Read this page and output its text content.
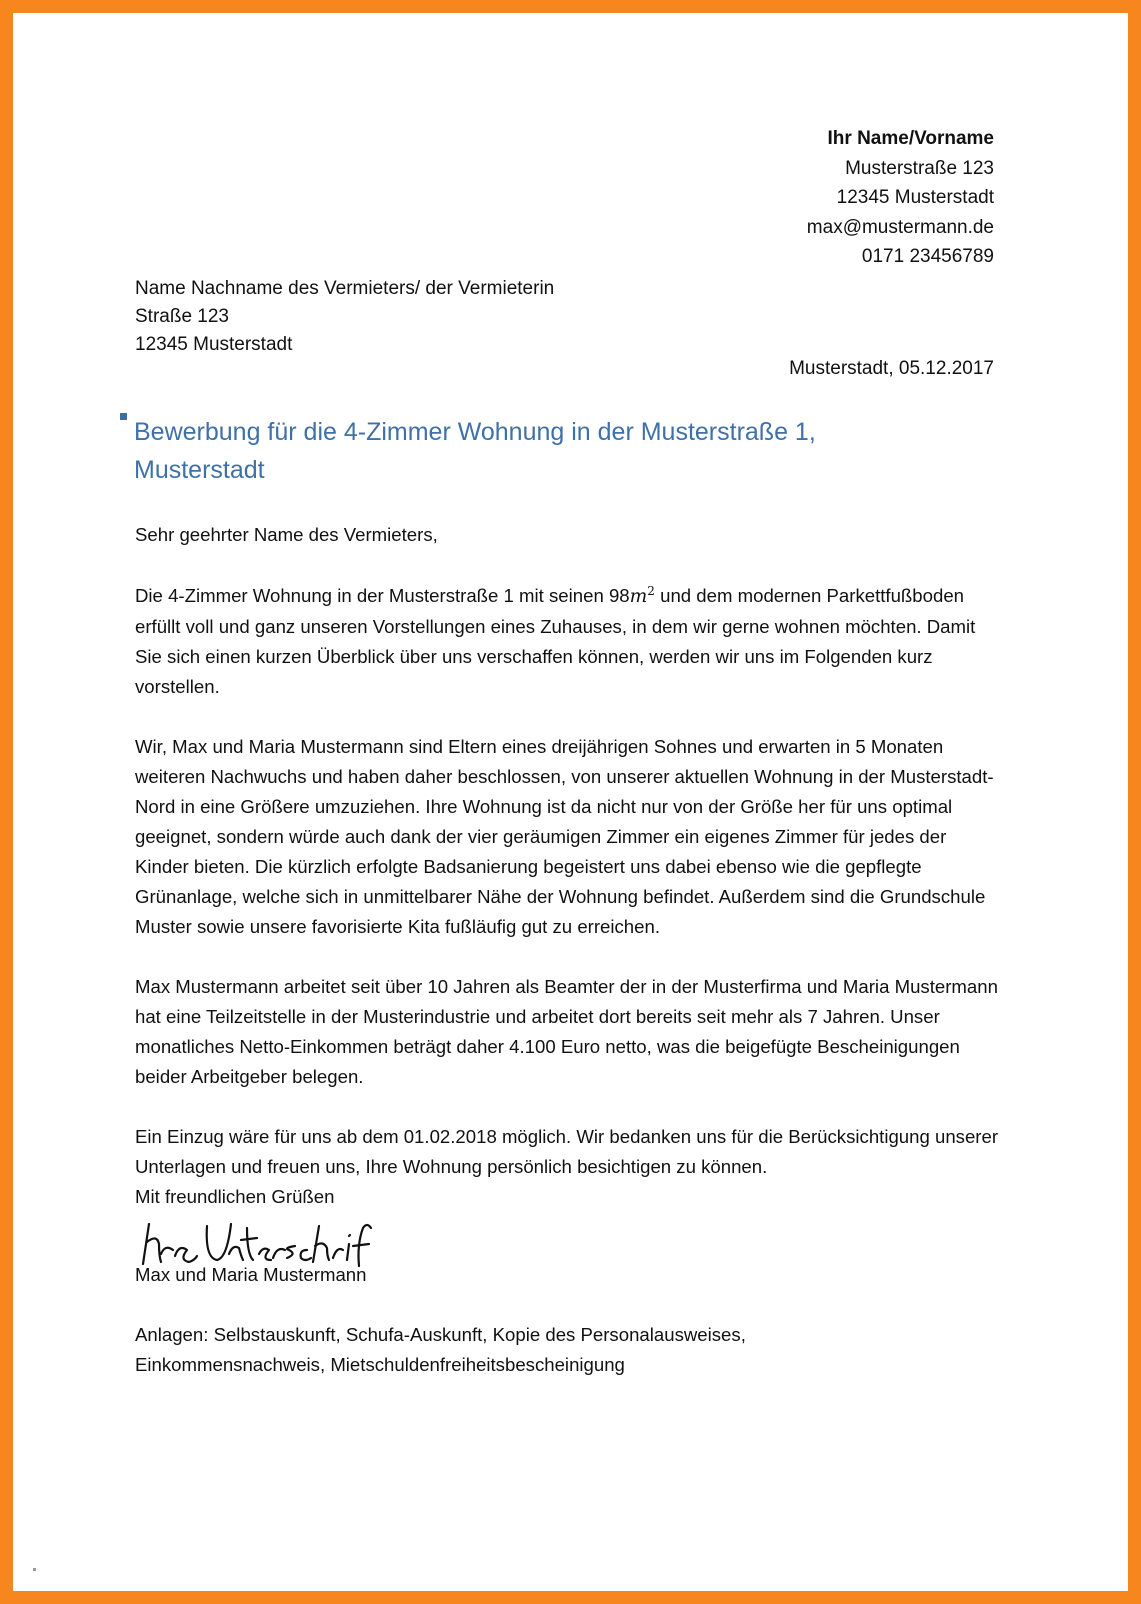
Ihr Name/Vorname
Musterstraße 123
12345 Musterstadt
max@mustermann.de
0171 23456789
Name Nachname des Vermieters/ der Vermieterin
Straße 123
12345 Musterstadt
Musterstadt, 05.12.2017
Bewerbung für die 4-Zimmer Wohnung in der Musterstraße 1,
Musterstadt

Sehr geehrter Name des Vermieters,

Die 4-Zimmer Wohnung in der Musterstraße 1 mit seinen $98m^2$ und dem modernen Parkettfußboden erfüllt voll und ganz unseren Vorstellungen eines Zuhauses, in dem wir gerne wohnen möchten. Damit Sie sich einen kurzen Überblick über uns verschaffen können, werden wir uns im Folgenden kurz vorstellen.

Wir, Max und Maria Mustermann sind Eltern eines dreijährigen Sohnes und erwarten in 5 Monaten weiteren Nachwuchs und haben daher beschlossen, von unserer aktuellen Wohnung in der Musterstadt-Nord in eine Größere umzuziehen. Ihre Wohnung ist da nicht nur von der Größe her für uns optimal geeignet, sondern würde auch dank der vier geräumigen Zimmer ein eigenes Zimmer für jedes der Kinder bieten. Die kürzlich erfolgte Badsanierung begeistert uns dabei ebenso wie die gepflegte Grünanlage, welche sich in unmittelbarer Nähe der Wohnung befindet. Außerdem sind die Grundschule Muster sowie unsere favorisierte Kita fußläufig gut zu erreichen.

Max Mustermann arbeitet seit über 10 Jahren als Beamter der in der Musterfirma und Maria Mustermann hat eine Teilzeitstelle in der Musterindustrie und arbeitet dort bereits seit mehr als 7 Jahren. Unser monatliches Netto-Einkommen beträgt daher 4.100 Euro netto, was die beigefügte Bescheinigungen beider Arbeitgeber belegen.

Ein Einzug wäre für uns ab dem 01.02.2018 möglich. Wir bedanken uns für die Berücksichtigung unserer Unterlagen und freuen uns, Ihre Wohnung persönlich besichtigen zu können.

Mit freundlichen Grüßen

Max und Maria Mustermann

Anlagen: Selbstauskunft, Schufa-Auskunft, Kopie des Personalausweises,

Einkommensnachweis, Mietschuldenfreiheitsbescheinigung
